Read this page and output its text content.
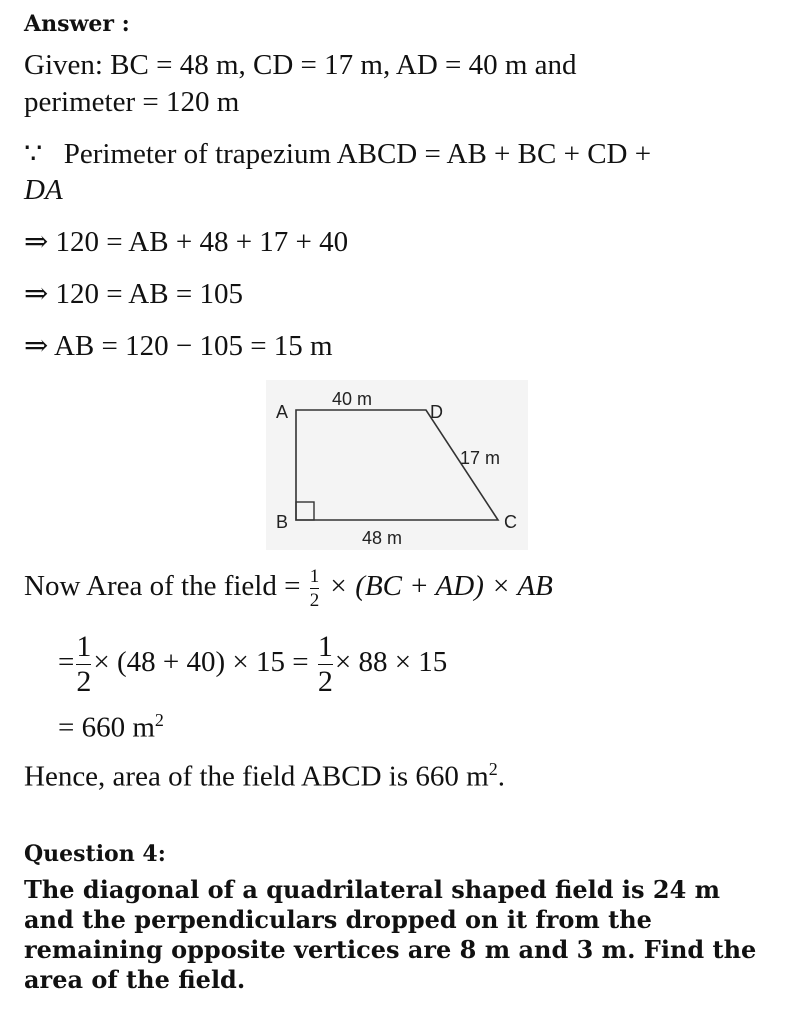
Answer :
Given: BC = 48 m, CD = 17 m, AD = 40 m and
perimeter = 120 m
∵ Perimeter of trapezium ABCD = AB + BC + CD +
DA
⇒ 120 = AB + 48 + 17 + 40
⇒ 120 = AB = 105
⇒ AB = 120 − 105 = 15 m
A
B	C
D
40 m
17 m
48 m
Now Area of the field = $\frac{1}{2} \times (BC + AD)$ × AB
= $\frac{1}{2} \times (48 + 40) \times 15 = \frac{1}{2} \times 88 \times 15$
= 660 $m^2$
Hence, area of the field ABCD is 660 $m^2$.
Question 4:
The diagonal of a quadrilateral shaped field is 24 m and the perpendiculars dropped on it from the remaining opposite vertices are 8 m and 3 m. Find the area of the field.
